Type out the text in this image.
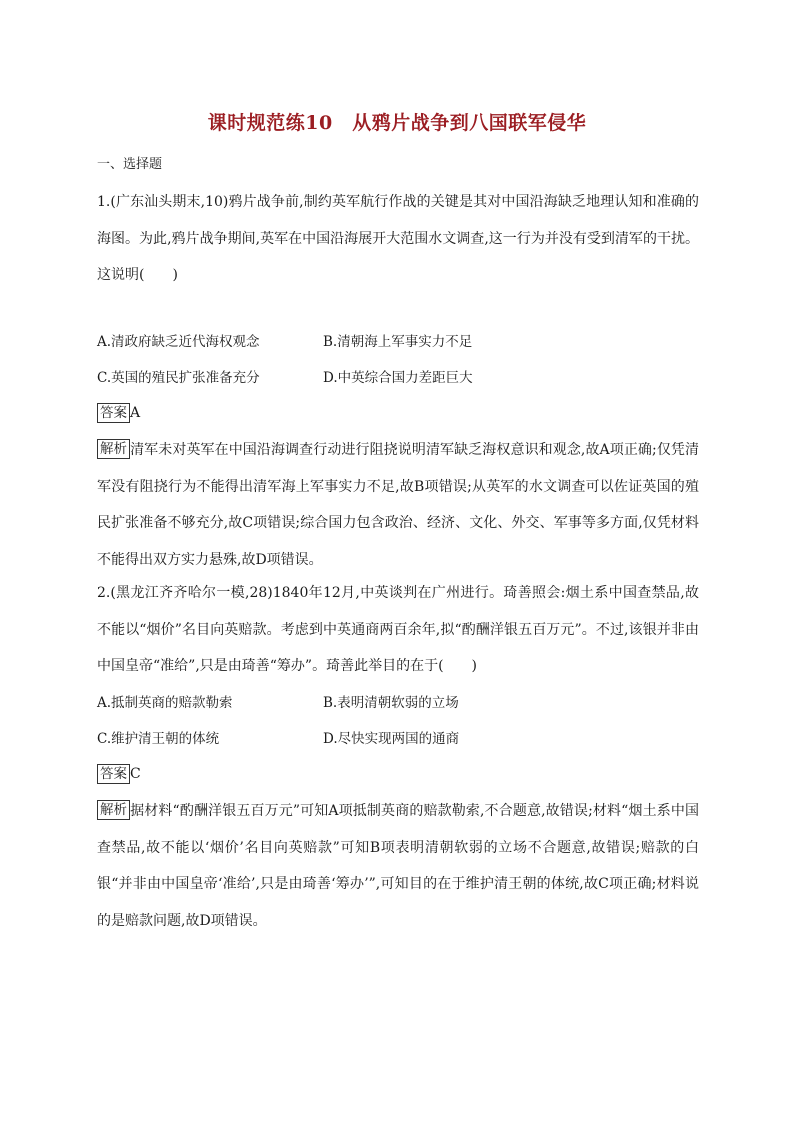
课时规范练10　从鸦片战争到八国联军侵华
一、选择题
1.(广东汕头期末,10)鸦片战争前,制约英军航行作战的关键是其对中国沿海缺乏地理认知和准确的海图。为此,鸦片战争期间,英军在中国沿海展开大范围水文调查,这一行为并没有受到清军的干扰。这说明(　　)
A.清政府缺乏近代海权观念	B.清朝海上军事实力不足
C.英国的殖民扩张准备充分	D.中英综合国力差距巨大
答案 A
解析 清军未对英军在中国沿海调查行动进行阻挠说明清军缺乏海权意识和观念,故A项正确;仅凭清军没有阻挠行为不能得出清军海上军事实力不足,故B项错误;从英军的水文调查可以佐证英国的殖民扩张准备不够充分,故C项错误;综合国力包含政治、经济、文化、外交、军事等多方面,仅凭材料不能得出双方实力悬殊,故D项错误。
2.(黑龙江齐齐哈尔一模,28)1840年12月,中英谈判在广州进行。琦善照会:烟土系中国查禁品,故不能以“烟价”名目向英赔款。考虑到中英通商两百余年,拟“酌酬洋银五百万元”。不过,该银并非由中国皇帝“准给”,只是由琦善“筹办”。琦善此举目的在于(　　)
A.抵制英商的赔款勒索	B.表明清朝软弱的立场
C.维护清王朝的体统	D.尽快实现两国的通商
答案 C
解析 据材料“酌酬洋银五百万元”可知A项抵制英商的赔款勒索,不合题意,故错误;材料“烟土系中国查禁品,故不能以‘烟价’名目向英赔款”可知B项表明清朝软弱的立场不合题意,故错误;赔款的白银“并非由中国皇帝‘准给’,只是由琦善‘筹办’”,可知目的在于维护清王朝的体统,故C项正确;材料说的是赔款问题,故D项错误。
